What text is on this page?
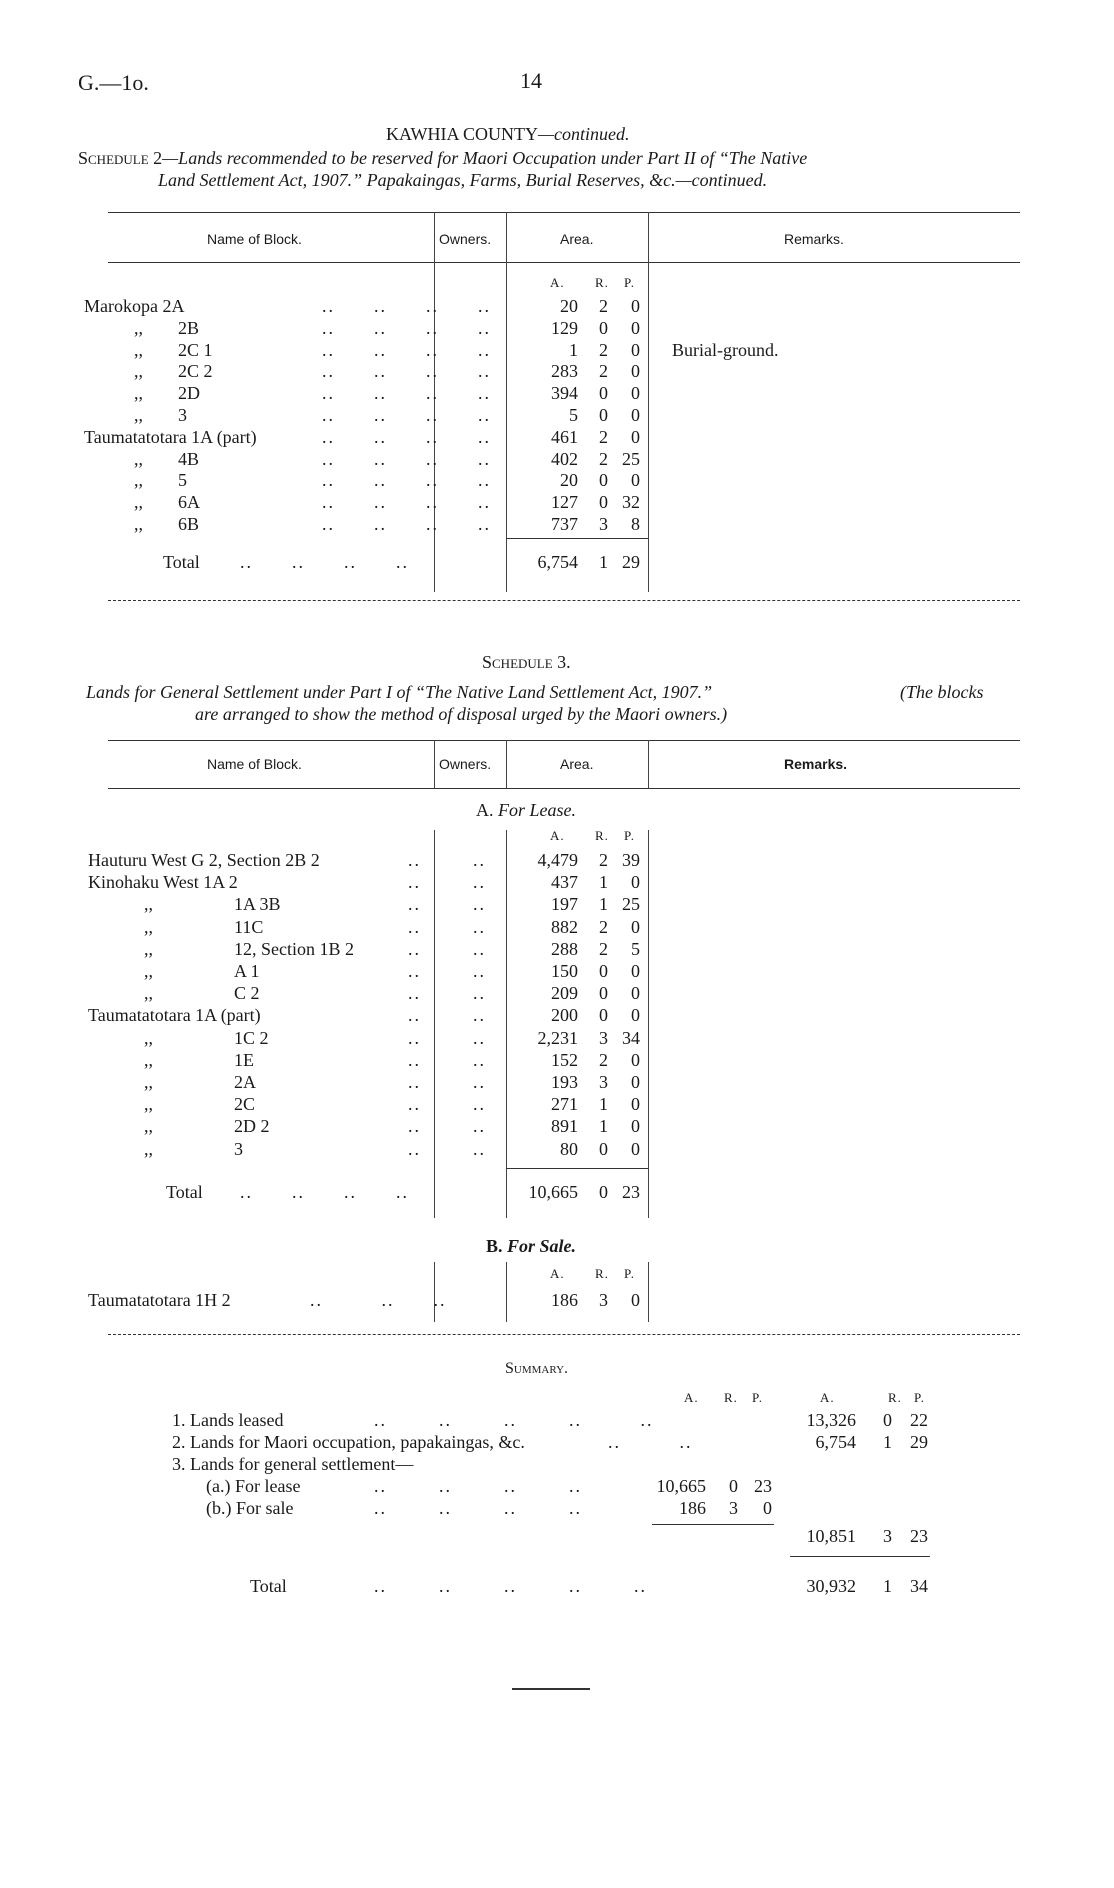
G.—1o.	14
KAWHIA COUNTY—continued.
Schedule 2—Lands recommended to be reserved for Maori Occupation under Part II of “The Native
Land Settlement Act, 1907.” Papakaingas, Farms, Burial Reserves, &c.—continued.
Name of Block.	Owners.	Area.	Remarks.
A. R. P.
Marokopa 2A	..      ..      ..      ..	20	2	0
,, 2B	..      ..      ..      ..	129	0	0
,, 2C 1	..      ..      ..      ..	1	2	0 Burial-ground.
,, 2C 2	..      ..      ..      ..	283	2	0
,, 2D	..      ..      ..      ..	394	0	0
,, 3	..      ..      ..      ..	5	0	0
Taumatatotara 1A (part)	..      ..      ..      ..	461	2	0
,, 4B	..      ..      ..      ..	402	2 25
,, 5	..      ..      ..      ..	20	0	0
,, 6A	..      ..      ..      ..	127	0 32
,, 6B	..      ..      ..      ..	737	3	8
Total ..      ..      ..      ..	6,754	1 29
Schedule 3.
Lands for General Settlement under Part I of “The Native Land Settlement Act, 1907.”	(The blocks
are arranged to show the method of disposal urged by the Maori owners.)
Name of Block.	Owners.	Area.	Remarks.
A. For Lease.
A. R. P.
Hauturu West G 2, Section 2B 2	..        ..	4,479	2 39
Kinohaku West 1A 2	..        ..	437	1	0
,,	1A 3B	..        ..	197	1 25
,,	11C	..        ..	882	2	0
,,	12, Section 1B 2	..        ..	288	2	5
,,	A 1	..        ..	150	0	0
,,	C 2	..        ..	209	0	0
Taumatatotara 1A (part)	..        ..	200	0	0
,,	1C 2	..        ..	2,231	3 34
,,	1E	..        ..	152	2	0
,,	2A	..        ..	193	3	0
,,	2C	..        ..	271	1	0
,,	2D 2	..        ..	891	1	0
,,	3	..        ..	80	0	0
Total ..      ..      ..      ..	10,665	0 23
B. For Sale.
A. R. P.
Taumatatotara 1H 2	..         ..      ..	186	3	0
Summary.
A. R. P.	A.	R. P.
1. Lands leased	..        ..        ..        ..         ..	13,326	0	22
2. Lands for Maori occupation, papakaingas, &c.	..         ..	6,754	1	29
3. Lands for general settlement—
(a.) For lease	..        ..        ..        ..	10,665	0 23
(b.) For sale	..        ..        ..        ..	186	3	0
10,851	3	23
Total	..        ..        ..        ..        ..	30,932	1	34
